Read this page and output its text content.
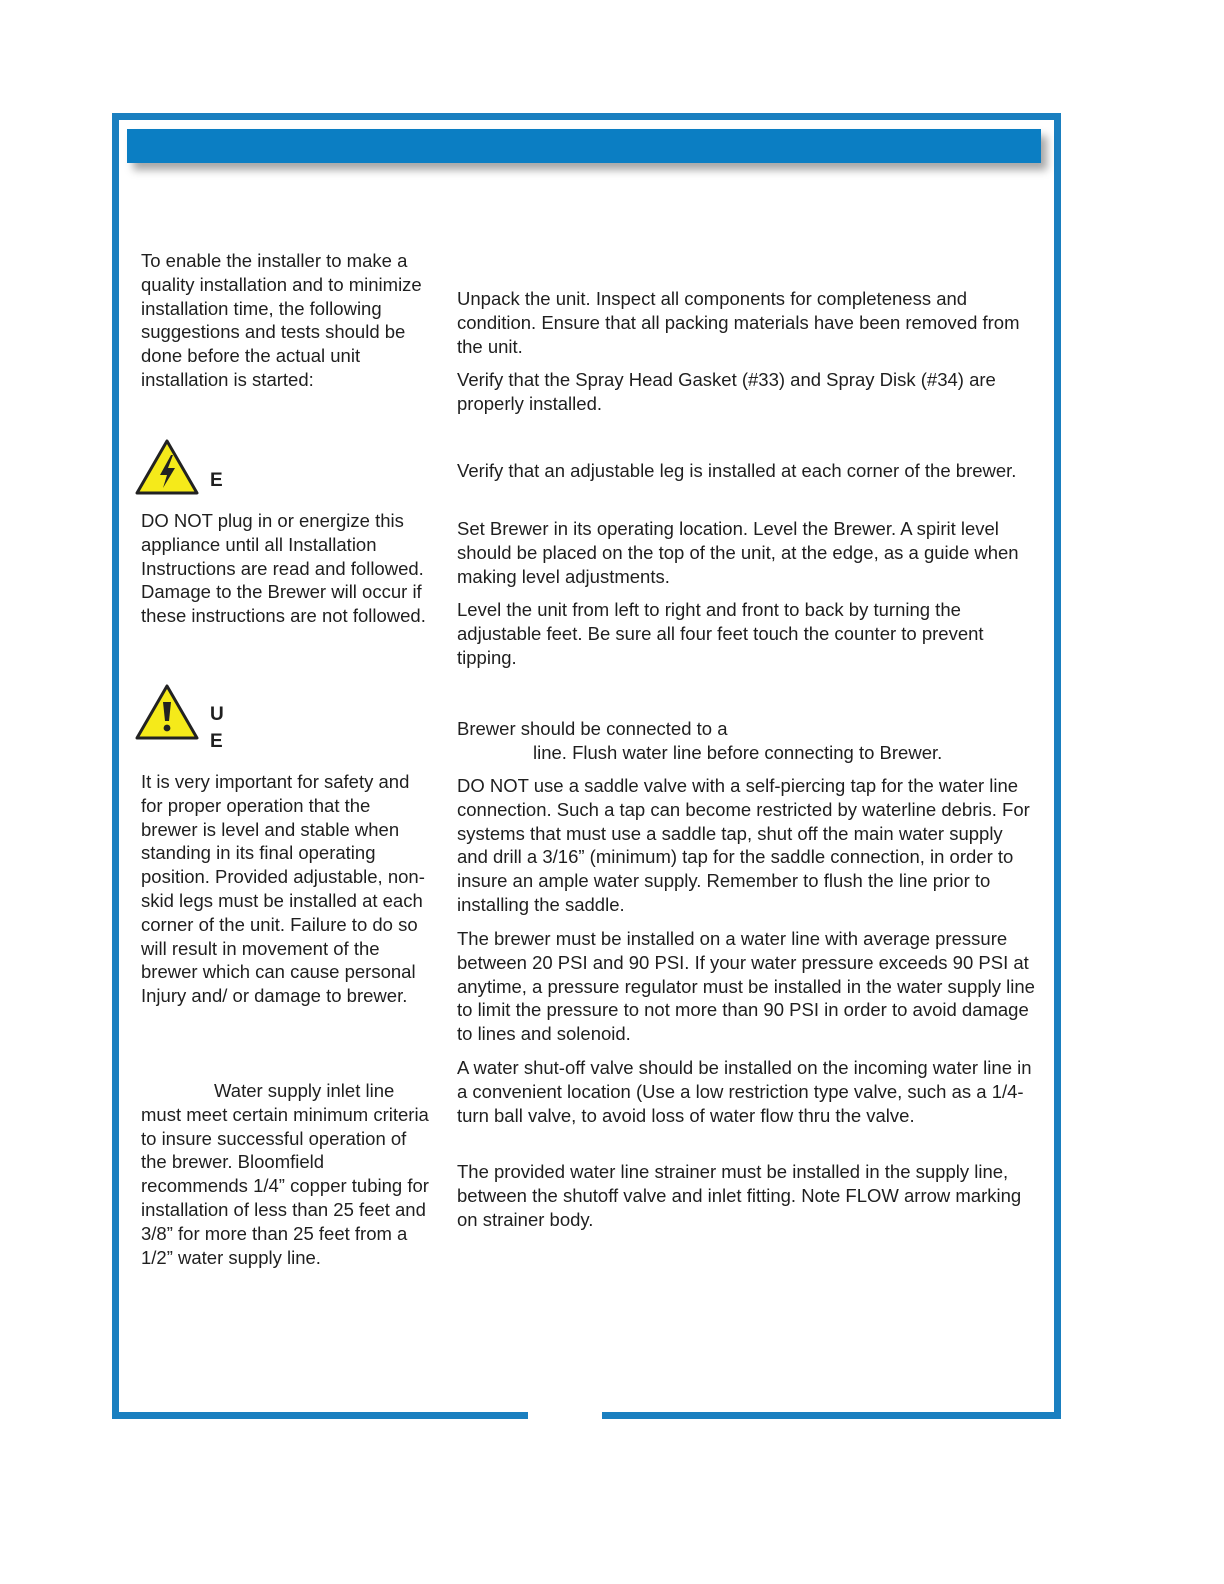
To enable the installer to make a quality installation and to minimize installation time, the following suggestions and tests should be done before the actual unit installation is started:

E

DO NOT plug in or energize this appliance until all Installation Instructions are read and followed. Damage to the Brewer will occur if these instructions are not followed.

U

E

It is very important for safety and for proper operation that the brewer is level and stable when standing in its final operating position. Provided adjustable, non-skid legs must be installed at each corner of the unit. Failure to do so will result in movement of the brewer which can cause personal Injury and/ or damage to brewer.

Water supply inlet line must meet certain minimum criteria to insure successful operation of the brewer. Bloomfield recommends 1/4” copper tubing for installation of less than 25 feet and 3/8” for more than 25 feet from a 1/2” water supply line.

Unpack the unit. Inspect all components for completeness and condition. Ensure that all packing materials have been removed from the unit.

Verify that the Spray Head Gasket (#33) and Spray Disk (#34) are properly installed.

Verify that an adjustable leg is installed at each corner of the brewer.

Set Brewer in its operating location. Level the Brewer. A spirit level should be placed on the top of the unit, at the edge, as a guide when making level adjustments.

Level the unit from left to right and front to back by turning the adjustable feet. Be sure all four feet touch the counter to prevent tipping.

Brewer should be connected to a

line. Flush water line before connecting to Brewer.

DO NOT use a saddle valve with a self-piercing tap for the water line connection. Such a tap can become restricted by waterline debris. For systems that must use a saddle tap, shut off the main water supply and drill a 3/16” (minimum) tap for the saddle connection, in order to insure an ample water supply. Remember to flush the line prior to installing the saddle.

The brewer must be installed on a water line with average pressure between 20 PSI and 90 PSI. If your water pressure exceeds 90 PSI at anytime, a pressure regulator must be installed in the water supply line to limit the pressure to not more than 90 PSI in order to avoid damage to lines and solenoid.

A water shut-off valve should be installed on the incoming water line in a convenient location (Use a low restriction type valve, such as a 1/4-turn ball valve, to avoid loss of water flow thru the valve.

The provided water line strainer must be installed in the supply line, between the shutoff valve and inlet fitting. Note FLOW arrow marking on strainer body.
